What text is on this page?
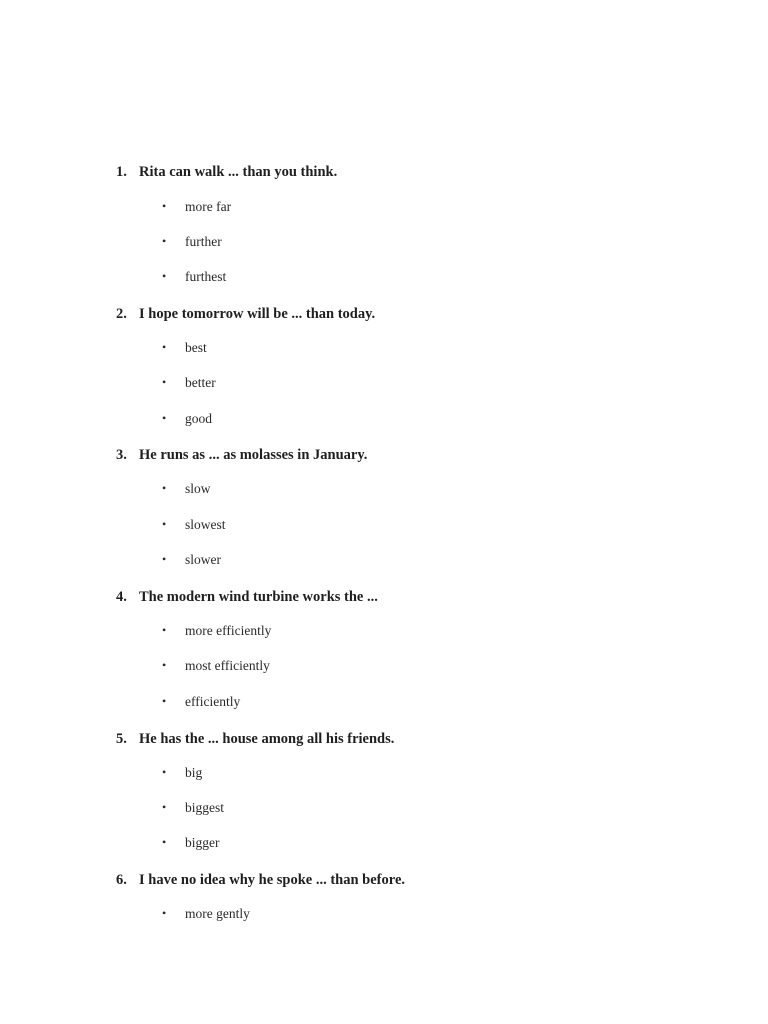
1. Rita can walk ... than you think.
• more far
• further
• furthest
2. I hope tomorrow will be ... than today.
• best
• better
• good
3. He runs as ... as molasses in January.
• slow
• slowest
• slower
4. The modern wind turbine works the ...
• more efficiently
• most efficiently
• efficiently
5. He has the ... house among all his friends.
• big
• biggest
• bigger
6. I have no idea why he spoke ... than before.
• more gently
